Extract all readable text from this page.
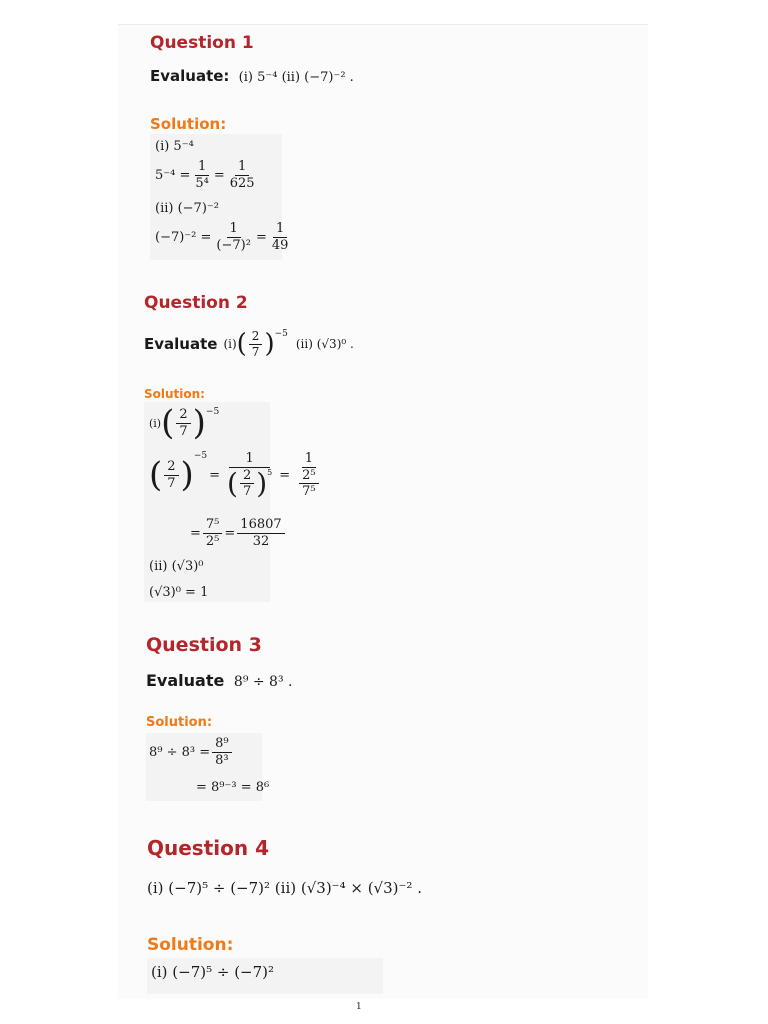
Question 1
Evaluate: (i) 5⁻⁴ (ii) (−7)⁻² .
Solution:
(i) 5⁻⁴
$5^{-4} = \frac{1}{\text{5⁴}} = \frac{1}{625}$
(ii) (−7)⁻²
$(-7)^{-2} = \frac{1}{\text{(−7)²}} = \frac{1}{49}$
Question 2
Evaluate (i) ( $\frac{2}{7}$ ) −5
(ii) (√3)⁰ .
Solution:
(i) ( $\frac{2}{7}$ ) −5
( $\frac{2}{7}$ ) −5
= $\frac{1}{( \frac{2}{7} ) 5} = \frac{1}{\frac{\text{2⁵}}{\text{7⁵}}}$
= $\frac{\text{7⁵}}{\text{2⁵}} = \frac{16807}{32}$
(ii) (√3)⁰
(√3)⁰ = 1
Question 3
Evaluate 8⁹ ÷ 8³ .
Solution:
$8^9 \div 8^3 = \frac{\text{8⁹}}{\text{8³}}$
= 8⁹⁻³ = 8⁶
Question 4
(i) (−7)⁵ ÷ (−7)² (ii) (√3)⁻⁴ × (√3)⁻² .
Solution:
(i) (−7)⁵ ÷ (−7)²
1
